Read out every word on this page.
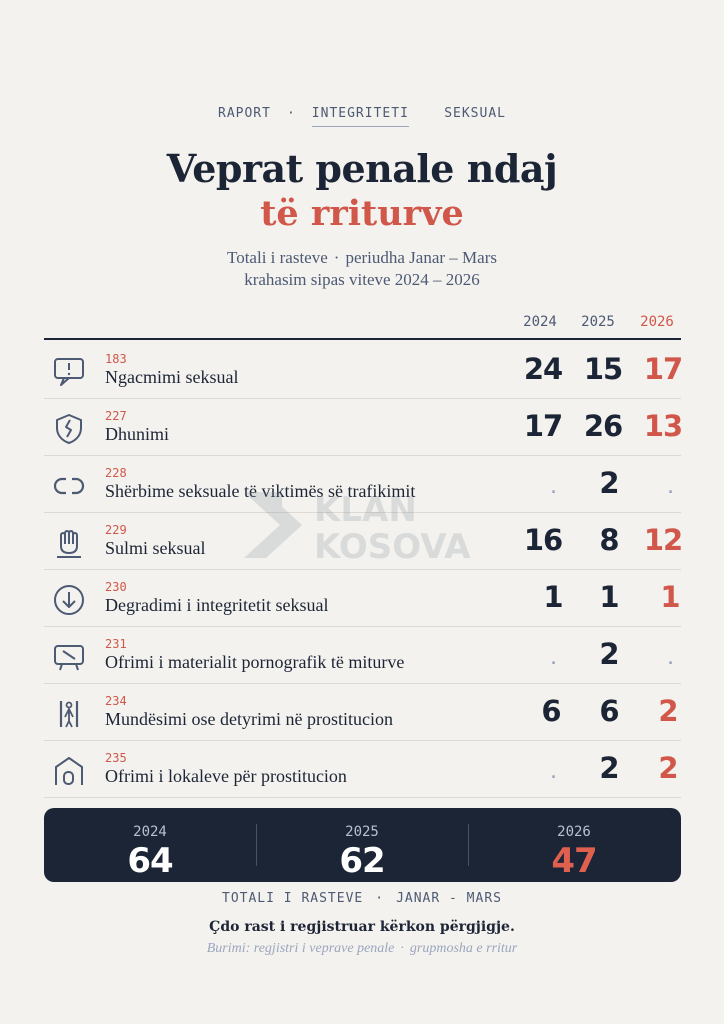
RAPORT · INTEGRITETI	SEKSUAL
Veprat penale ndaj
të rriturve
Totali i rasteve · periudha Janar – Mars
krahasim sipas viteve 2024 – 2026
2024	2025	2026
183
Ngacmimi seksual	24 15 17
227
Dhunimi	17 26 13
228
Shërbime seksuale të viktimës së trafikimit	.	2	.
229
Sulmi seksual	16	8 12
230
Degradimi i integritetit seksual	1	1	1
231
Ofrimi i materialit pornografik të miturve	.	2	.
234
Mundësimi ose detyrimi në prostitucion	6	6	2
235
Ofrimi i lokaleve për prostitucion	.	2	2
KLAN
KOSOVA
2024
64
2025
62
2026
47
TOTALI I RASTEVE · JANAR - MARS
Çdo rast i regjistruar kërkon përgjigje.
Burimi: regjistri i veprave penale · grupmosha e rritur
